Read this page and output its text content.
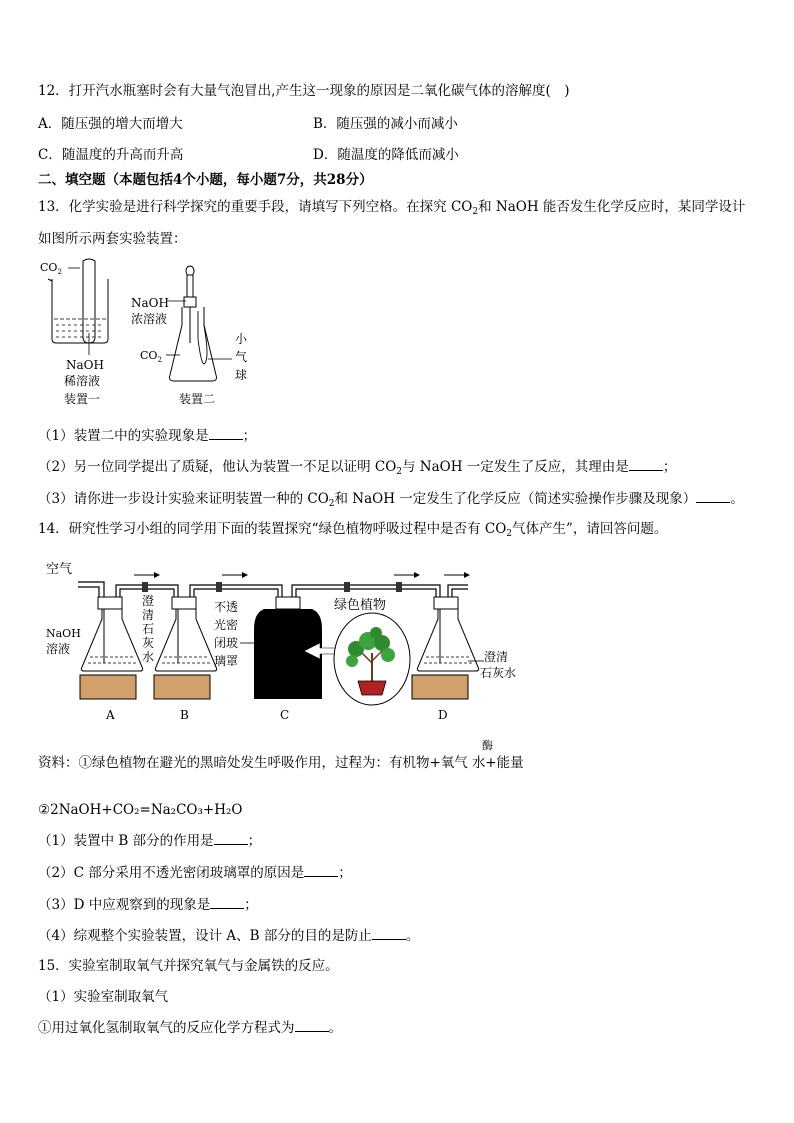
12．打开汽水瓶塞时会有大量气泡冒出,产生这一现象的原因是二氧化碳气体的溶解度(　)
A．随压强的增大而增大	B．随压强的减小而减小
C．随温度的升高而升高	D．随温度的降低而减小
二、填空题（本题包括4个小题，每小题7分，共28分）
13．化学实验是进行科学探究的重要手段，请填写下列空格。在探究 $CO_2$和 NaOH 能否发生化学反应时，某同学设计
如图所示两套实验装置：
$CO_2$
NaOH
稀溶液
装置一
NaOH
浓溶液
$CO_2$
小
气
球
装置二
（1）装置二中的实验现象是	；
（2）另一位同学提出了质疑，他认为装置一不足以证明 $CO_2$与 NaOH 一定发生了反应，其理由是	；
（3）请你进一步设计实验来证明装置一种的 $CO_2$和 NaOH 一定发生了化学反应（简述实验操作步骤及现象）	。
14．研究性学习小组的同学用下面的装置探究“绿色植物呼吸过程中是否有 $CO_2$气体产生”，请回答问题。
空气
NaOH
溶液
A
澄
清
石
灰
水
B
不透
光密
闭玻
璃罩
C
绿色植物
D
澄清
石灰水
酶
资料：①绿色植物在避光的黑暗处发生呼吸作用，过程为：有机物+氧气 水+能量
②2NaOH+CO₂=Na₂CO₃+H₂O
（1）装置中 B 部分的作用是	；
（2）C 部分采用不透光密闭玻璃罩的原因是	；
（3）D 中应观察到的现象是	；
（4）综观整个实验装置，设计 A、B 部分的目的是防止	。
15．实验室制取氧气并探究氧气与金属铁的反应。
（1）实验室制取氧气
①用过氧化氢制取氧气的反应化学方程式为	。
